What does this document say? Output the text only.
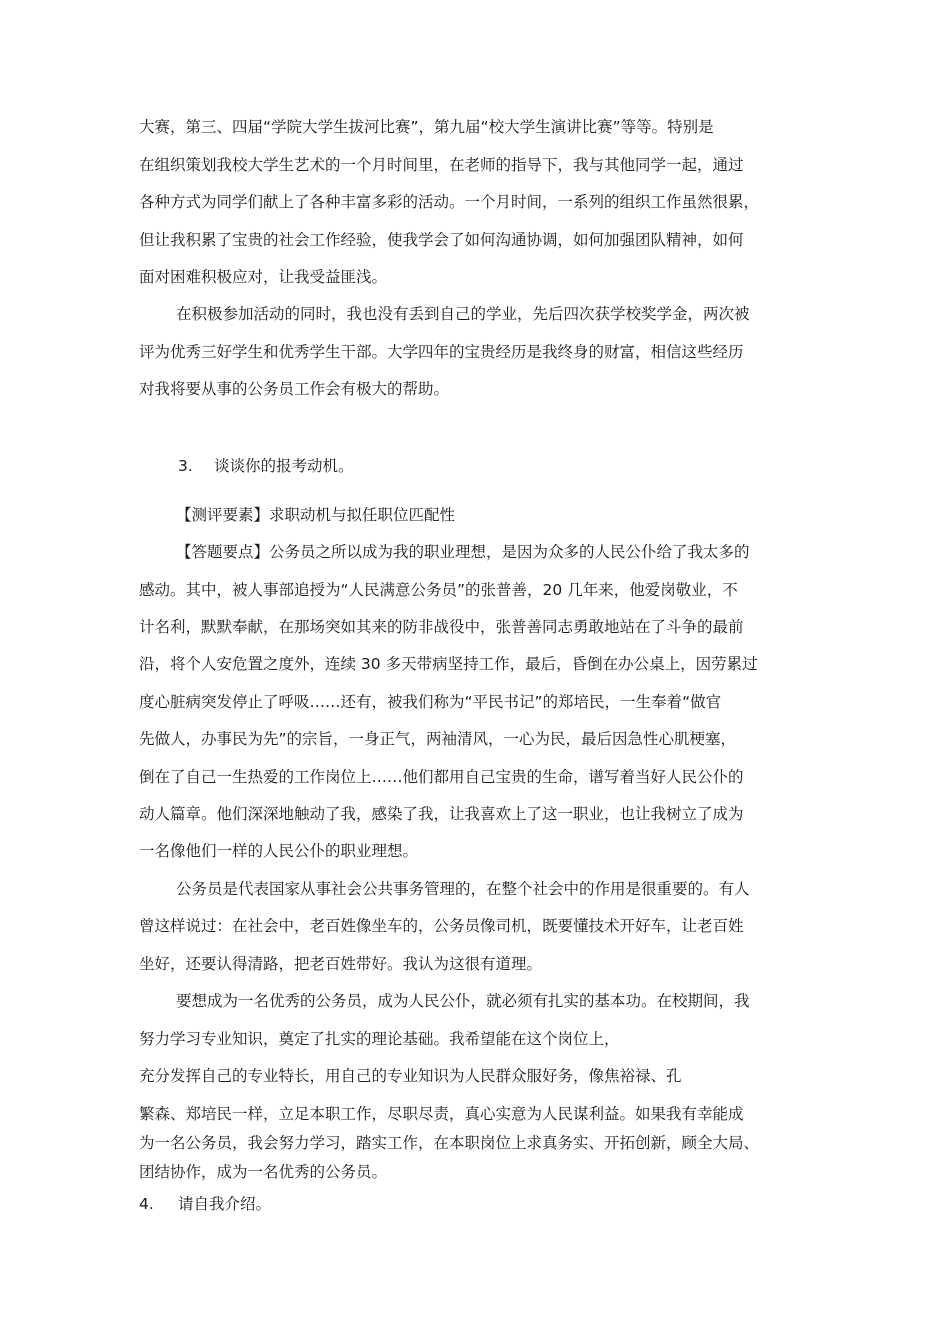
大赛，第三、四届“学院大学生拔河比赛”，第九届“校大学生演讲比赛”等等。特别是
在组织策划我校大学生艺术的一个月时间里，在老师的指导下，我与其他同学一起，通过
各种方式为同学们献上了各种丰富多彩的活动。一个月时间，一系列的组织工作虽然很累，
但让我积累了宝贵的社会工作经验，使我学会了如何沟通协调，如何加强团队精神，如何
面对困难积极应对，让我受益匪浅。
在积极参加活动的同时，我也没有丢到自己的学业，先后四次获学校奖学金，两次被
评为优秀三好学生和优秀学生干部。大学四年的宝贵经历是我终身的财富，相信这些经历
对我将要从事的公务员工作会有极大的帮助。
3. 谈谈你的报考动机。
【测评要素】求职动机与拟任职位匹配性
【答题要点】公务员之所以成为我的职业理想，是因为众多的人民公仆给了我太多的
感动。其中，被人事部追授为“人民满意公务员”的张普善，20 几年来，他爱岗敬业，不
计名利，默默奉献，在那场突如其来的防非战役中，张普善同志勇敢地站在了斗争的最前
沿，将个人安危置之度外，连续 30 多天带病坚持工作，最后，昏倒在办公桌上，因劳累过
度心脏病突发停止了呼吸……还有，被我们称为“平民书记”的郑培民，一生奉着“做官
先做人，办事民为先”的宗旨，一身正气，两袖清风，一心为民，最后因急性心肌梗塞，
倒在了自己一生热爱的工作岗位上……他们都用自己宝贵的生命，谱写着当好人民公仆的
动人篇章。他们深深地触动了我，感染了我，让我喜欢上了这一职业，也让我树立了成为
一名像他们一样的人民公仆的职业理想。
公务员是代表国家从事社会公共事务管理的，在整个社会中的作用是很重要的。有人
曾这样说过：在社会中，老百姓像坐车的，公务员像司机，既要懂技术开好车，让老百姓
坐好，还要认得清路，把老百姓带好。我认为这很有道理。
要想成为一名优秀的公务员，成为人民公仆，就必须有扎实的基本功。在校期间，我
努力学习专业知识，奠定了扎实的理论基础。我希望能在这个岗位上，
充分发挥自己的专业特长，用自己的专业知识为人民群众服好务，像焦裕禄、孔
繁森、郑培民一样，立足本职工作，尽职尽责，真心实意为人民谋利益。如果我有幸能成
为一名公务员，我会努力学习，踏实工作，在本职岗位上求真务实、开拓创新，顾全大局、
团结协作，成为一名优秀的公务员。
4. 请自我介绍。
